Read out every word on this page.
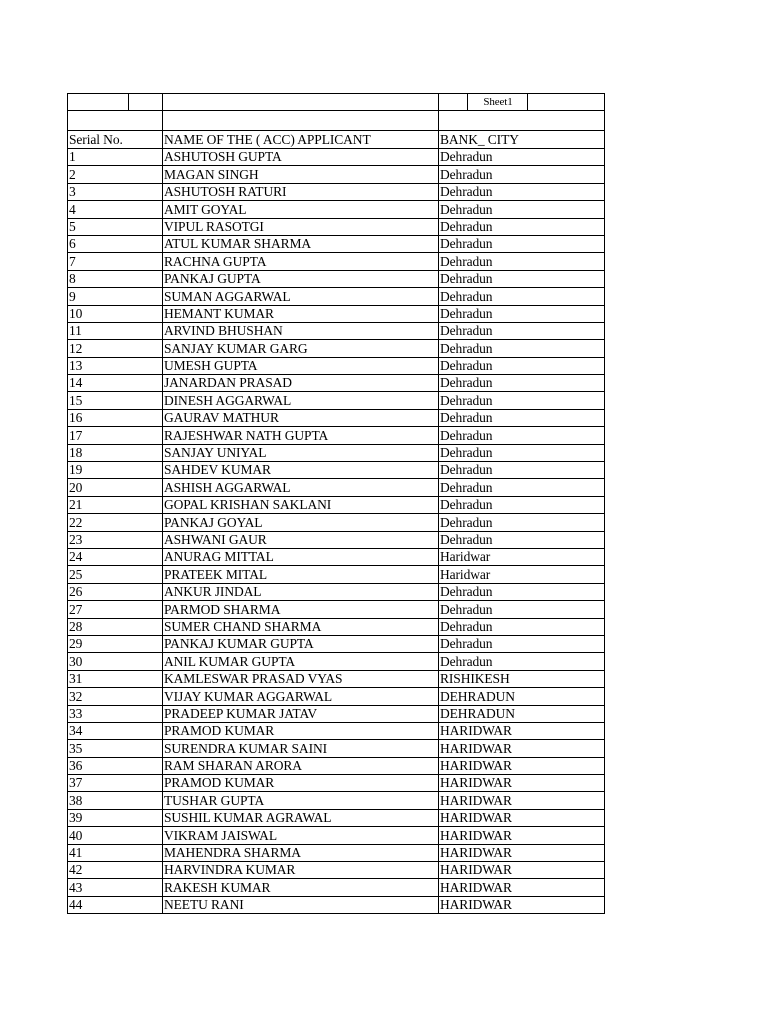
				Sheet1	

Serial No.		NAME OF THE ( ACC) APPLICANT	BANK_ CITY		
1		ASHUTOSH GUPTA	Dehradun		
2		MAGAN SINGH	Dehradun		
3		ASHUTOSH RATURI	Dehradun		
4		AMIT GOYAL	Dehradun		
5		VIPUL RASOTGI	Dehradun		
6		ATUL KUMAR SHARMA	Dehradun		
7		RACHNA GUPTA	Dehradun		
8		PANKAJ GUPTA	Dehradun		
9		SUMAN AGGARWAL	Dehradun		
10		HEMANT KUMAR	Dehradun		
11		ARVIND BHUSHAN	Dehradun		
12		SANJAY KUMAR GARG	Dehradun		
13		UMESH GUPTA	Dehradun		
14		JANARDAN PRASAD	Dehradun		
15		DINESH AGGARWAL	Dehradun		
16		GAURAV MATHUR	Dehradun		
17		RAJESHWAR NATH GUPTA	Dehradun		
18		SANJAY UNIYAL	Dehradun		
19		SAHDEV KUMAR	Dehradun		
20		ASHISH AGGARWAL	Dehradun		
21		GOPAL KRISHAN SAKLANI	Dehradun		
22		PANKAJ GOYAL	Dehradun		
23		ASHWANI GAUR	Dehradun		
24		ANURAG MITTAL	Haridwar		
25		PRATEEK MITAL	Haridwar		
26		ANKUR JINDAL	Dehradun		
27		PARMOD SHARMA	Dehradun		
28		SUMER CHAND SHARMA	Dehradun		
29		PANKAJ KUMAR GUPTA	Dehradun		
30		ANIL KUMAR GUPTA	Dehradun		
31		KAMLESWAR PRASAD VYAS	RISHIKESH		
32		VIJAY KUMAR AGGARWAL	DEHRADUN		
33		PRADEEP KUMAR JATAV	DEHRADUN		
34		PRAMOD KUMAR	HARIDWAR		
35		SURENDRA KUMAR SAINI	HARIDWAR		
36		RAM SHARAN ARORA	HARIDWAR		
37		PRAMOD KUMAR	HARIDWAR		
38		TUSHAR GUPTA	HARIDWAR		
39		SUSHIL KUMAR AGRAWAL	HARIDWAR		
40		VIKRAM JAISWAL	HARIDWAR		
41		MAHENDRA SHARMA	HARIDWAR		
42		HARVINDRA KUMAR	HARIDWAR		
43		RAKESH KUMAR	HARIDWAR		
44		NEETU RANI	HARIDWAR		
